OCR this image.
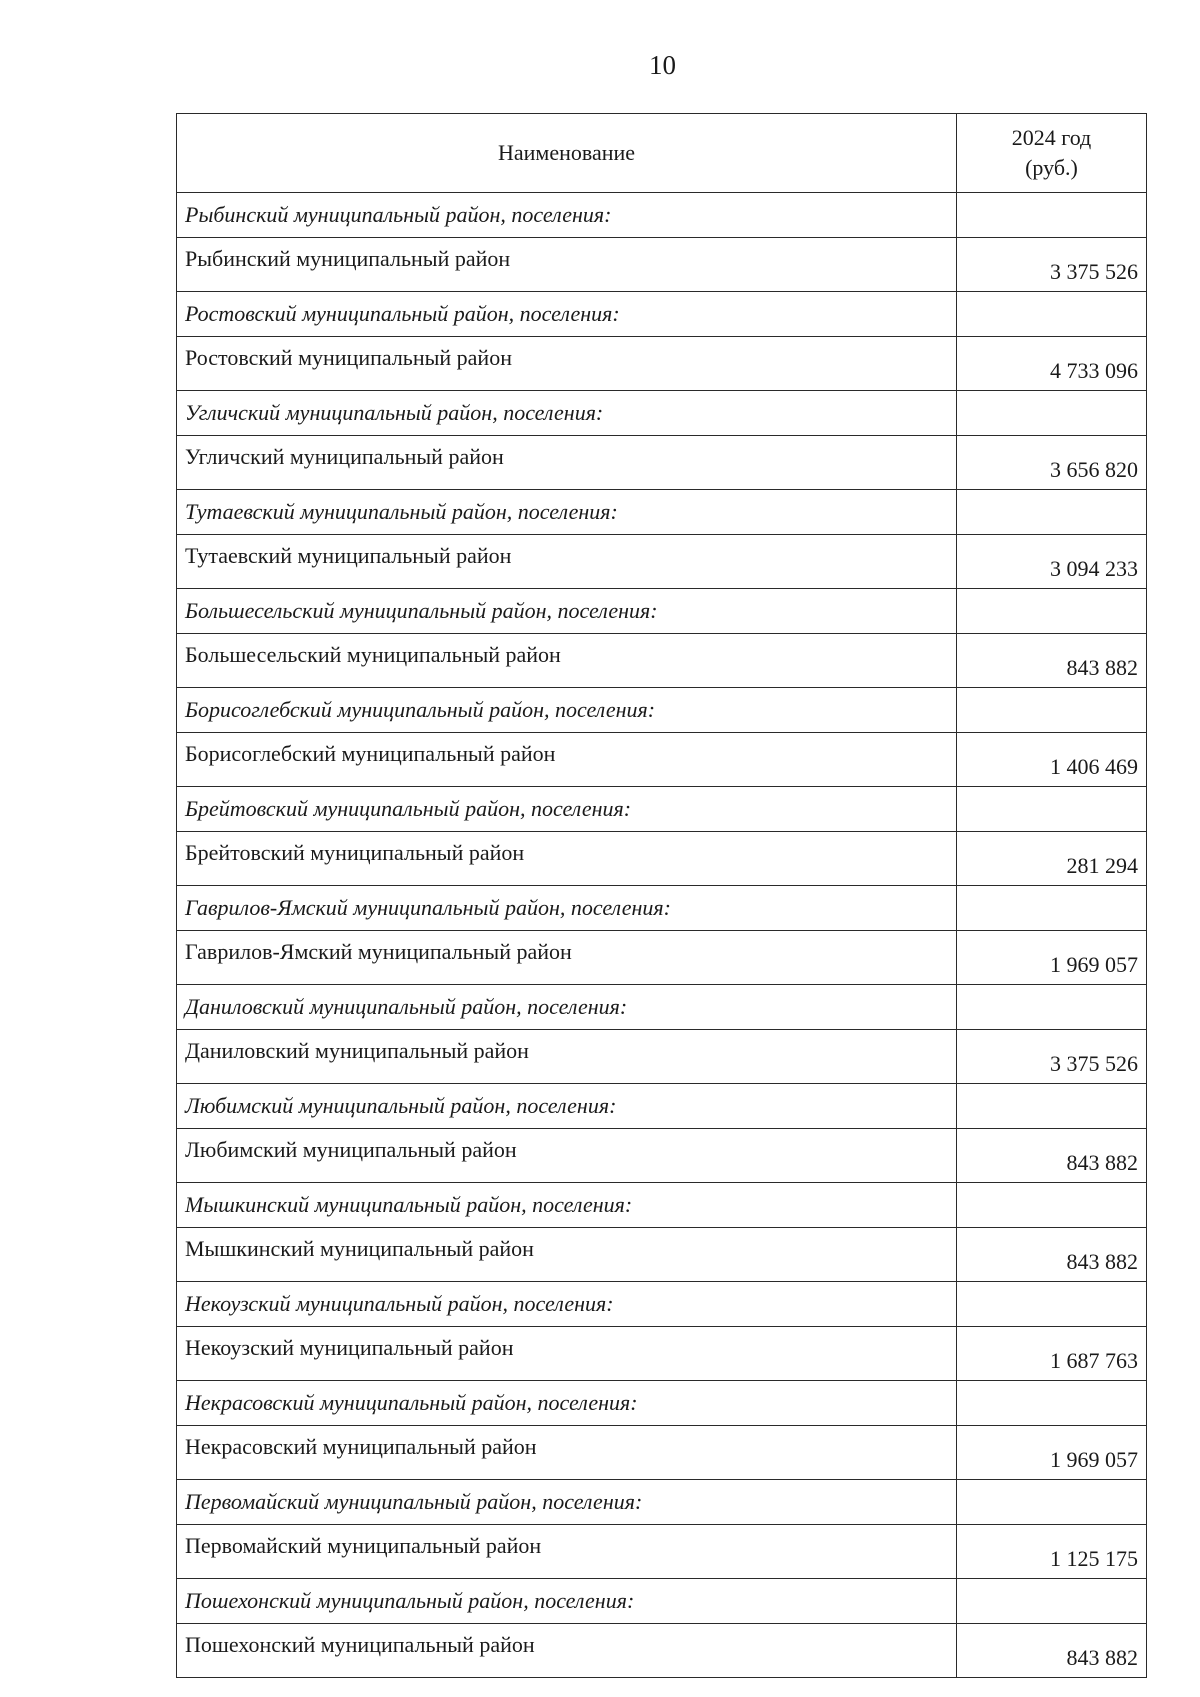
10
Наименование	2024 год
(руб.)
Рыбинский муниципальный район, поселения:	
Рыбинский муниципальный район	3 375 526
Ростовский муниципальный район, поселения:	
Ростовский муниципальный район	4 733 096
Угличский муниципальный район, поселения:	
Угличский муниципальный район	3 656 820
Тутаевский муниципальный район, поселения:	
Тутаевский муниципальный район	3 094 233
Большесельский муниципальный район, поселения:	
Большесельский муниципальный район	843 882
Борисоглебский муниципальный район, поселения:	
Борисоглебский муниципальный район	1 406 469
Брейтовский муниципальный район, поселения:	
Брейтовский муниципальный район	281 294
Гаврилов-Ямский муниципальный район, поселения:	
Гаврилов-Ямский муниципальный район	1 969 057
Даниловский муниципальный район, поселения:	
Даниловский муниципальный район	3 375 526
Любимский муниципальный район, поселения:	
Любимский муниципальный район	843 882
Мышкинский муниципальный район, поселения:	
Мышкинский муниципальный район	843 882
Некоузский муниципальный район, поселения:	
Некоузский муниципальный район	1 687 763
Некрасовский муниципальный район, поселения:	
Некрасовский муниципальный район	1 969 057
Первомайский муниципальный район, поселения:	
Первомайский муниципальный район	1 125 175
Пошехонский муниципальный район, поселения:	
Пошехонский муниципальный район	843 882
